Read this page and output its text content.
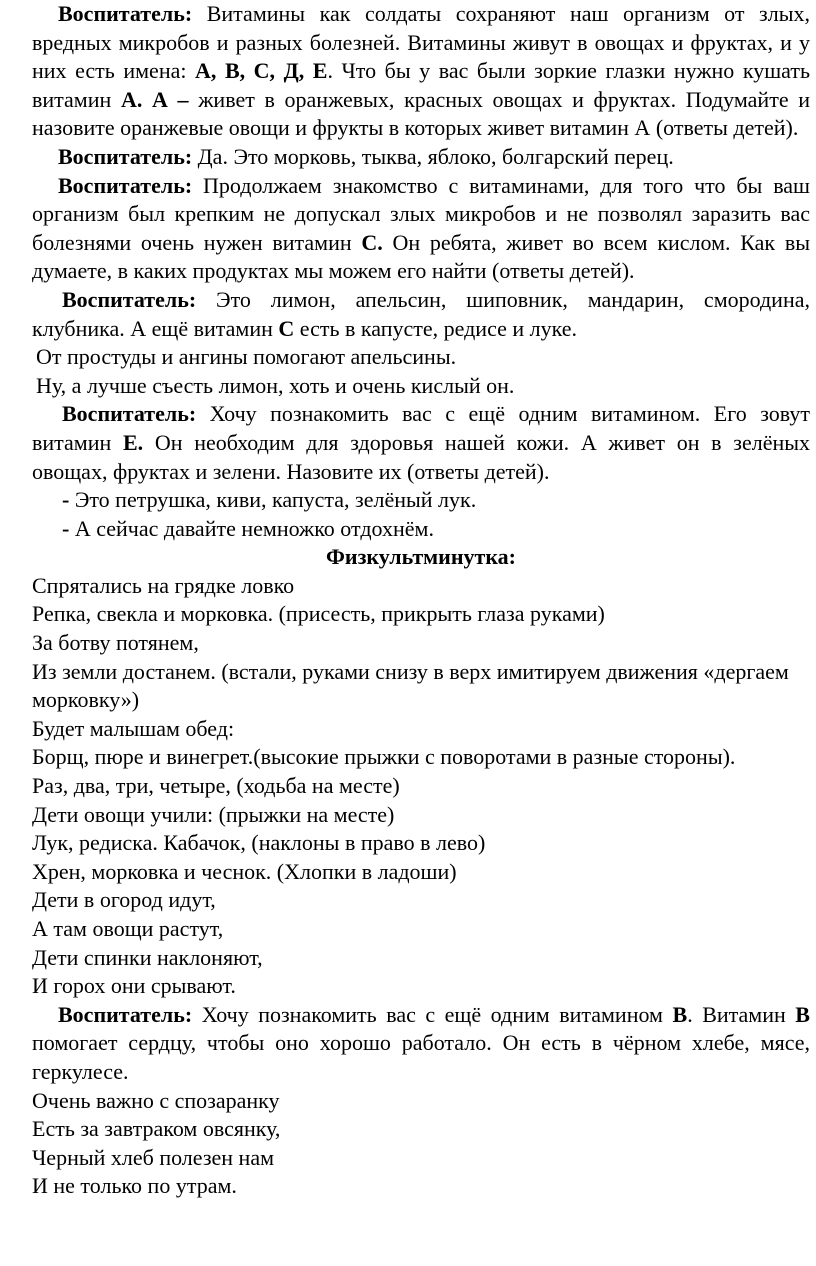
Воспитатель: Витамины как солдаты сохраняют наш организм от злых, вредных микробов и разных болезней. Витамины живут в овощах и фруктах, и у них есть имена: А, В, С, Д, Е. Что бы у вас были зоркие глазки нужно кушать витамин А. А – живет в оранжевых, красных овощах и фруктах. Подумайте и назовите оранжевые овощи и фрукты в которых живет витамин А (ответы детей).

Воспитатель: Да. Это морковь, тыква, яблоко, болгарский перец.

Воспитатель: Продолжаем знакомство с витаминами, для того что бы ваш организм был крепким не допускал злых микробов и не позволял заразить вас болезнями очень нужен витамин С. Он ребята, живет во всем кислом. Как вы думаете, в каких продуктах мы можем его найти (ответы детей).

Воспитатель: Это лимон, апельсин, шиповник, мандарин, смородина, клубника. А ещё витамин С есть в капусте, редисе и луке.

От простуды и ангины помогают апельсины.

Ну, а лучше съесть лимон, хоть и очень кислый он.

Воспитатель: Хочу познакомить вас с ещё одним витамином. Его зовут витамин Е. Он необходим для здоровья нашей кожи. А живет он в зелёных овощах, фруктах и зелени. Назовите их (ответы детей).

- Это петрушка, киви, капуста, зелёный лук.

- А сейчас давайте немножко отдохнём.

Физкультминутка:

Спрятались на грядке ловко

Репка, свекла и морковка. (присесть, прикрыть глаза руками)

За ботву потянем,

Из земли достанем. (встали, руками снизу в верх имитируем движения «дергаем морковку»)

Будет малышам обед:

Борщ, пюре и винегрет.(высокие прыжки с поворотами в разные стороны).

Раз, два, три, четыре, (ходьба на месте)

Дети овощи учили: (прыжки на месте)

Лук, редиска. Кабачок, (наклоны в право в лево)

Хрен, морковка и чеснок. (Хлопки в ладоши)

Дети в огород идут,

А там овощи растут,

Дети спинки наклоняют,

И горох они срывают.

Воспитатель: Хочу познакомить вас с ещё одним витамином В. Витамин В помогает сердцу, чтобы оно хорошо работало. Он есть в чёрном хлебе, мясе, геркулесе.

Очень важно с спозаранку

Есть за завтраком овсянку,

Черный хлеб полезен нам

И не только по утрам.
